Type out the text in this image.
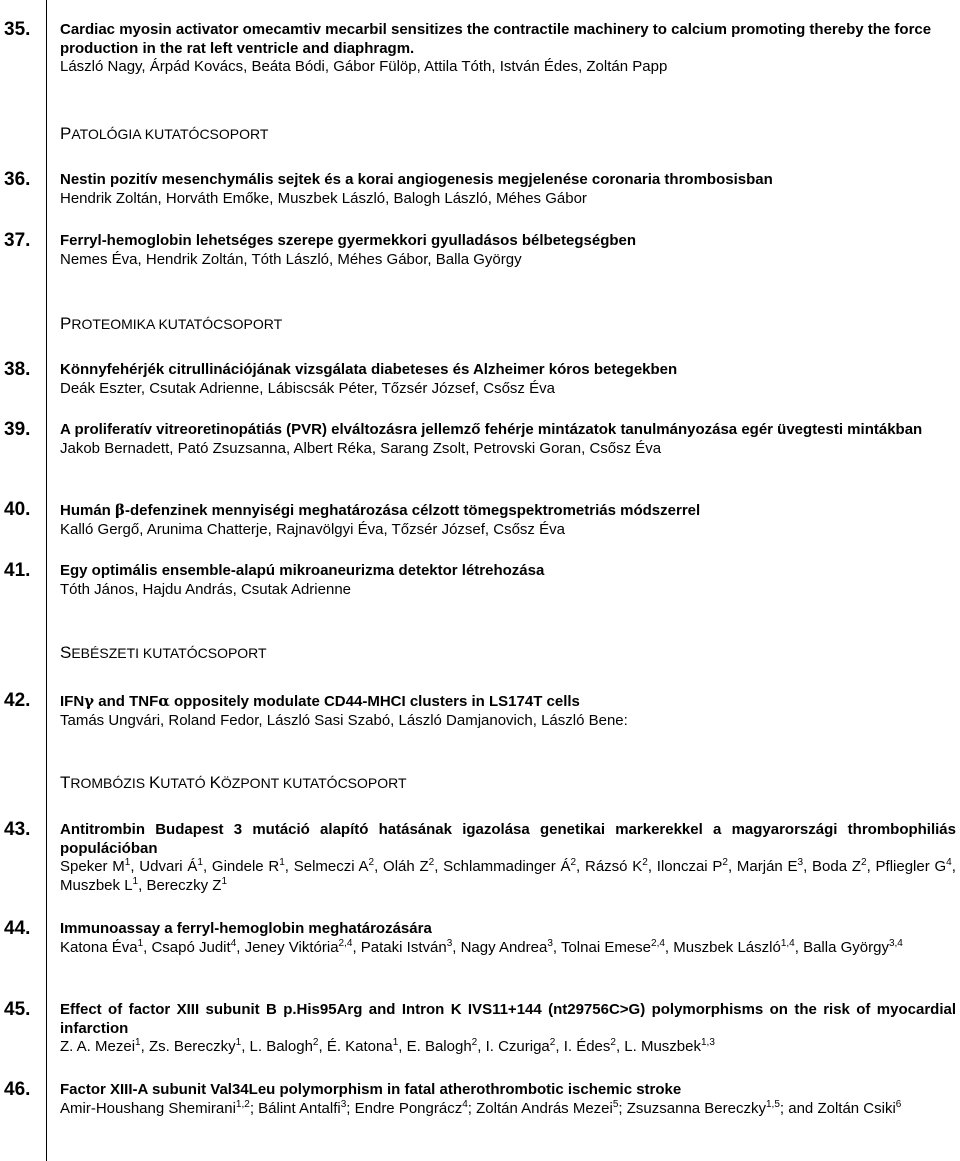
35. Cardiac myosin activator omecamtiv mecarbil sensitizes the contractile machinery to calcium promoting thereby the force production in the rat left ventricle and diaphragm.

László Nagy, Árpád Kovács, Beáta Bódi, Gábor Fülöp, Attila Tóth, István Édes, Zoltán Papp

PATOLÓGIA KUTATÓCSOPORT
36. Nestin pozitív mesenchymális sejtek és a korai angiogenesis megjelenése coronaria thrombosisban

Hendrik Zoltán, Horváth Emőke, Muszbek László, Balogh László, Méhes Gábor

37. Ferryl-hemoglobin lehetséges szerepe gyermekkori gyulladásos bélbetegségben

Nemes Éva, Hendrik Zoltán, Tóth László, Méhes Gábor, Balla György

PROTEOMIKA KUTATÓCSOPORT
38. Könnyfehérjék citrullinációjának vizsgálata diabeteses és Alzheimer kóros betegekben

Deák Eszter, Csutak Adrienne, Lábiscsák Péter, Tőzsér József, Csősz Éva

39. A proliferatív vitreoretinopátiás (PVR) elváltozásra jellemző fehérje mintázatok tanulmányozása egér üvegtesti mintákban

Jakob Bernadett, Pató Zsuzsanna, Albert Réka, Sarang Zsolt, Petrovski Goran, Csősz Éva

40. Humán β-defenzinek mennyiségi meghatározása célzott tömegspektrometriás módszerrel

Kalló Gergő, Arunima Chatterje, Rajnavölgyi Éva, Tőzsér József, Csősz Éva

41. Egy optimális ensemble-alapú mikroaneurizma detektor létrehozása

Tóth János, Hajdu András, Csutak Adrienne

SEBÉSZETI KUTATÓCSOPORT
42. IFNγ and TNFα oppositely modulate CD44-MHCI clusters in LS174T cells

Tamás Ungvári, Roland Fedor, László Sasi Szabó, László Damjanovich, László Bene:

TROMBÓZIS KUTATÓ KÖZPONT KUTATÓCSOPORT
43. Antitrombin Budapest 3 mutáció alapító hatásának igazolása genetikai markerekkel a magyarországi thrombophiliás populációban

Speker $M^1$, Udvari $Á^1$, Gindele $R^1$, Selmeczi $A^2$, Oláh $Z^2$, Schlammadinger $Á^2$, Rázsó $K^2$, Ilonczai $P^2$, Marján $E^3$, Boda $Z^2$, Pfliegler $G^4$, Muszbek $L^1$, Bereczky $Z^1$

44. Immunoassay a ferryl-hemoglobin meghatározására

Katona Éva$^1$, Csapó Judit$^4$, Jeney Viktória$^{2,4}$, Pataki István$^3$, Nagy Andrea$^3$, Tolnai Emese$^{2,4}$, Muszbek László$^{1,4}$, Balla György$^{3,4}$

45. Effect of factor XIII subunit B p.His95Arg and Intron K IVS11+144 (nt29756C>G) polymorphisms on the risk of myocardial infarction

Z. A. Mezei$^1$, Zs. Bereczky$^1$, L. Balogh$^2$, É. Katona$^1$, E. Balogh$^2$, I. Czuriga$^2$, I. Édes$^2$, L. Muszbek$^{1,3}$

46. Factor XIII-A subunit Val34Leu polymorphism in fatal atherothrombotic ischemic stroke

Amir-Houshang Shemirani$^{1,2}$; Bálint Antalfi$^3$; Endre Pongrácz$^4$; Zoltán András Mezei$^5$; Zsuzsanna Bereczky$^{1,5}$; and Zoltán Csiki$^6$
